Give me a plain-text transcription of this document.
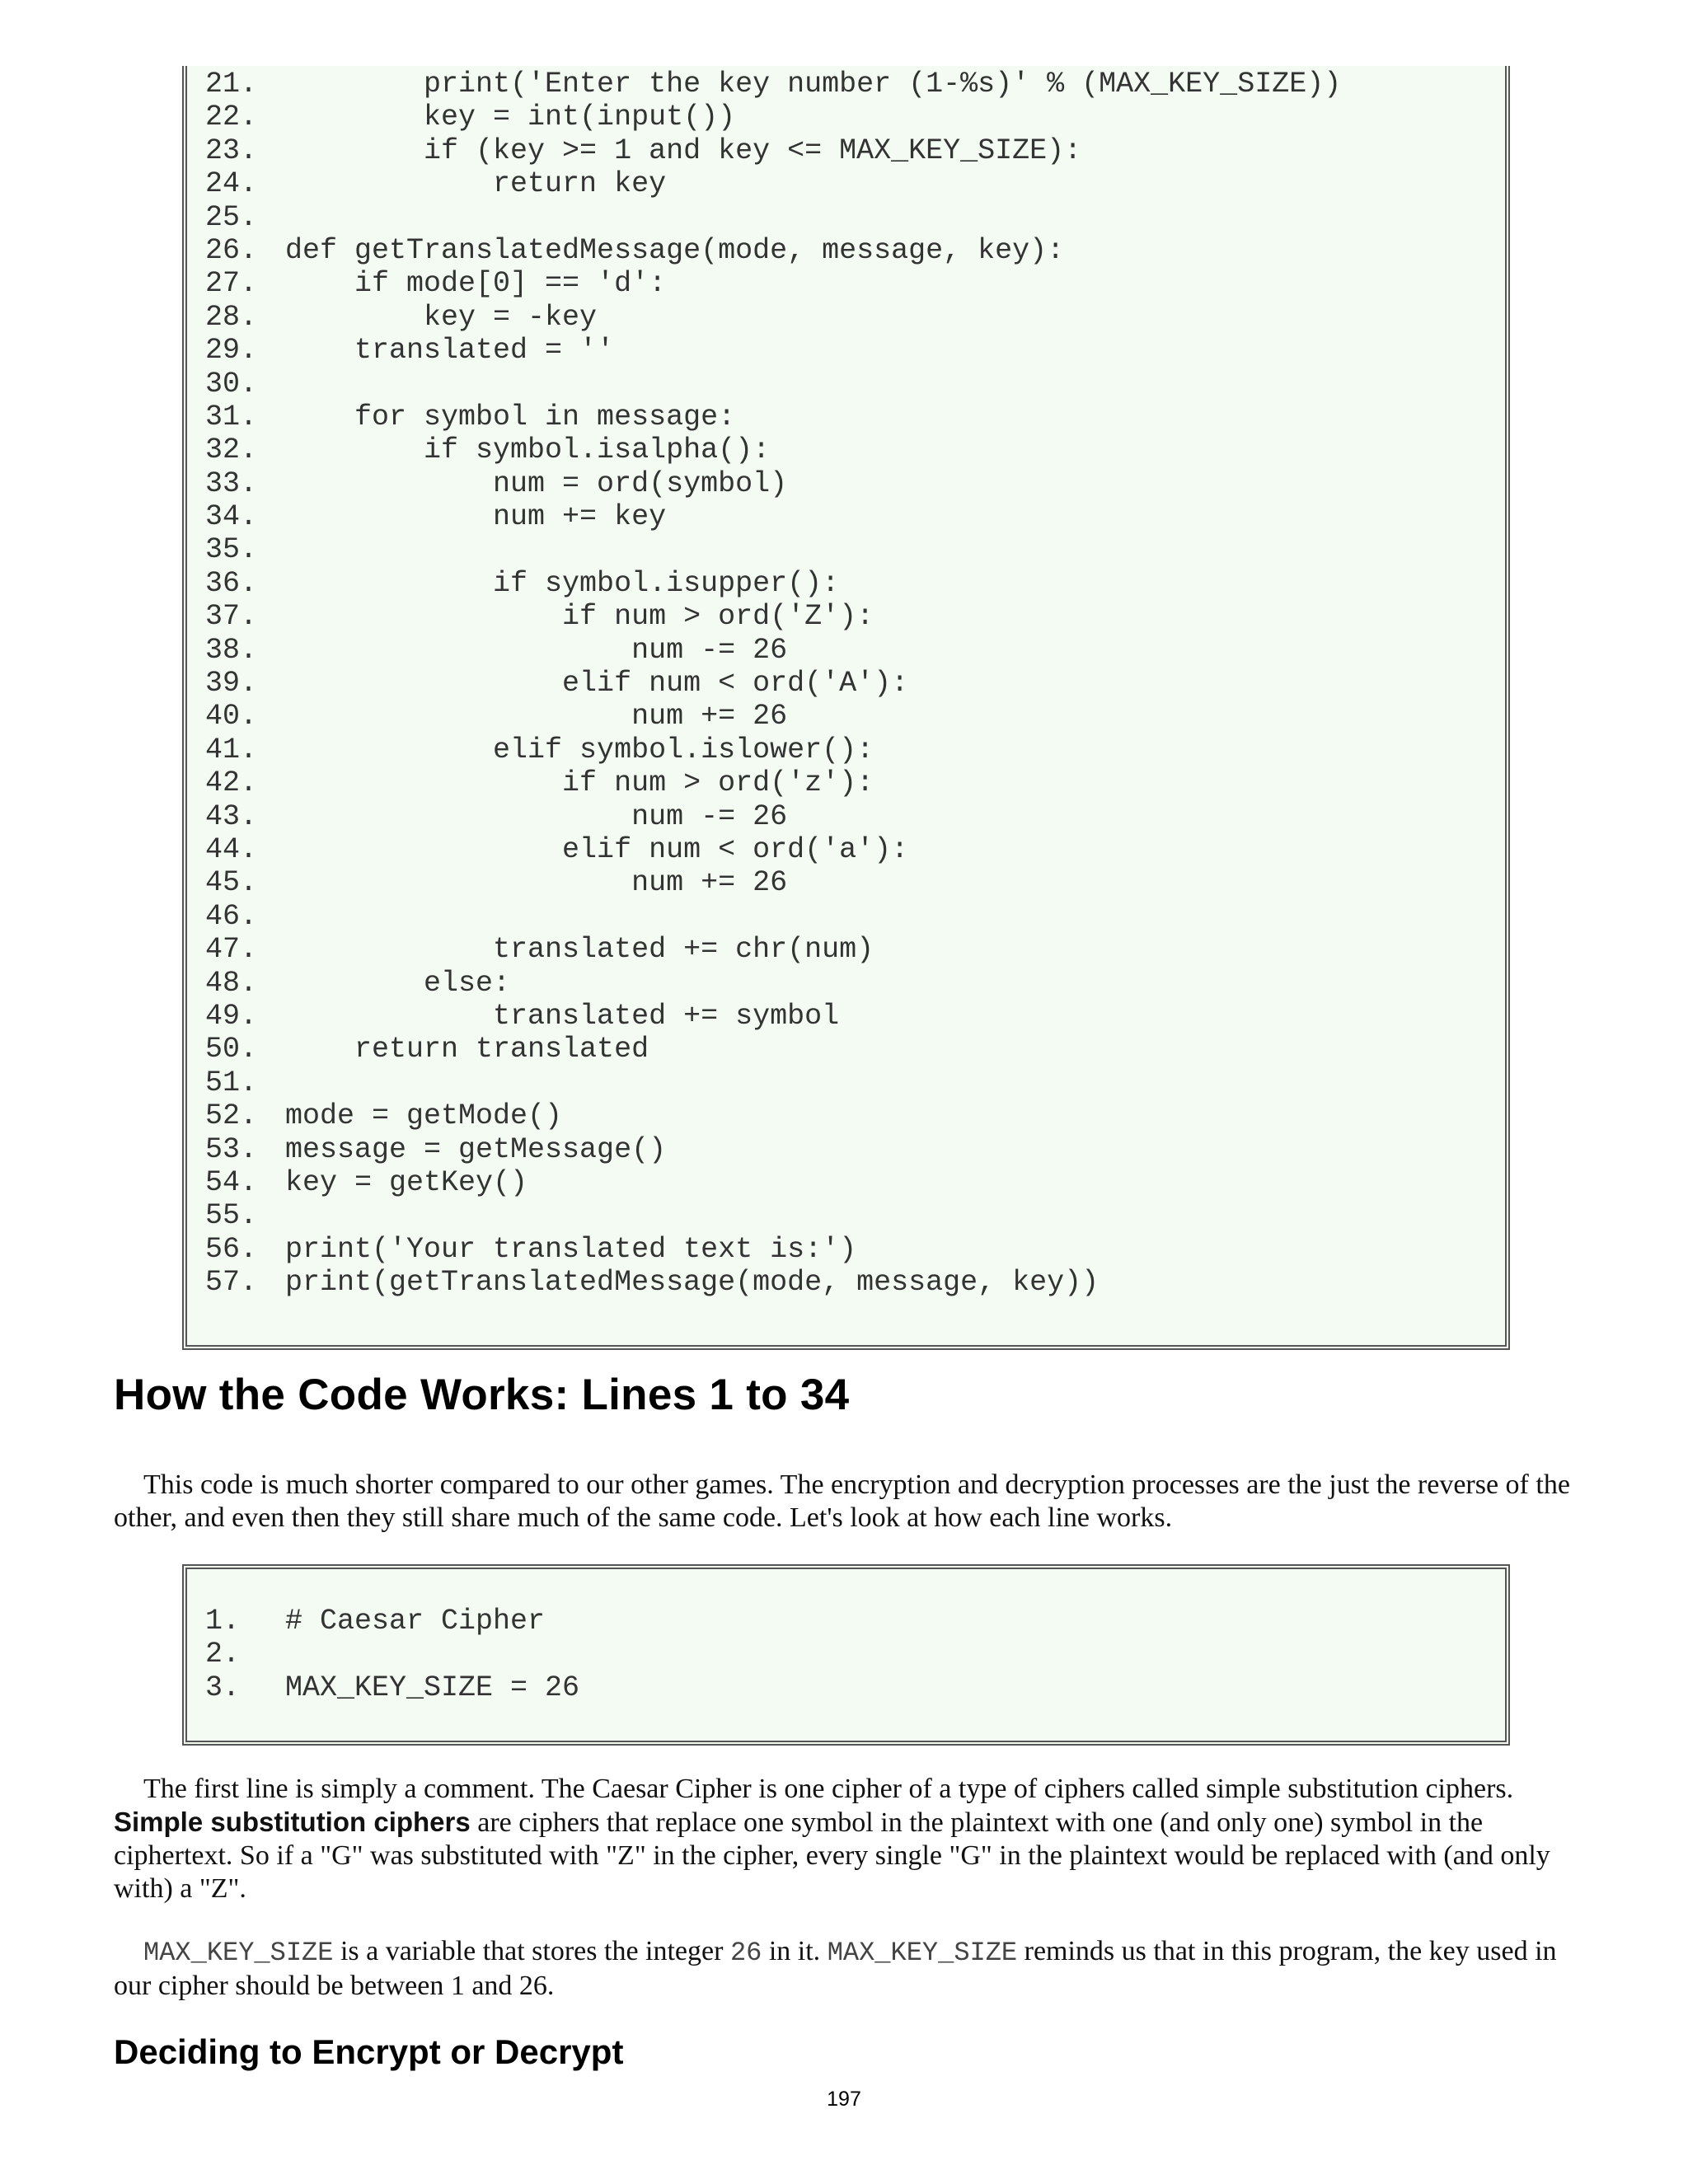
21.        print('Enter the key number (1-%s)' % (MAX_KEY_SIZE))
22.        key = int(input())
23.        if (key >= 1 and key <= MAX_KEY_SIZE):
24.            return key
25.
26. def getTranslatedMessage(mode, message, key):
27.    if mode[0] == 'd':
28.        key = -key
29.    translated = ''
30.
31.    for symbol in message:
32.        if symbol.isalpha():
33.            num = ord(symbol)
34.            num += key
35.
36.            if symbol.isupper():
37.                if num > ord('Z'):
38.                    num -= 26
39.                elif num < ord('A'):
40.                    num += 26
41.            elif symbol.islower():
42.                if num > ord('z'):
43.                    num -= 26
44.                elif num < ord('a'):
45.                    num += 26
46.
47.            translated += chr(num)
48.        else:
49.            translated += symbol
50.    return translated
51.
52. mode = getMode()
53. message = getMessage()
54. key = getKey()
55.
56. print('Your translated text is:')
57. print(getTranslatedMessage(mode, message, key))
How the Code Works: Lines 1 to 34

This code is much shorter compared to our other games. The encryption and decryption processes are the just the reverse of the other, and even then they still share much of the same code. Let's look at how each line works.

1. # Caesar Cipher
2.
3. MAX_KEY_SIZE = 26

The first line is simply a comment. The Caesar Cipher is one cipher of a type of ciphers called simple substitution ciphers. Simple substitution ciphers are ciphers that replace one symbol in the plaintext with one (and only one) symbol in the ciphertext. So if a "G" was substituted with "Z" in the cipher, every single "G" in the plaintext would be replaced with (and only with) a "Z".

MAX_KEY_SIZE is a variable that stores the integer 26 in it. MAX_KEY_SIZE reminds us that in this program, the key used in our cipher should be between 1 and 26.

Deciding to Encrypt or Decrypt
197
